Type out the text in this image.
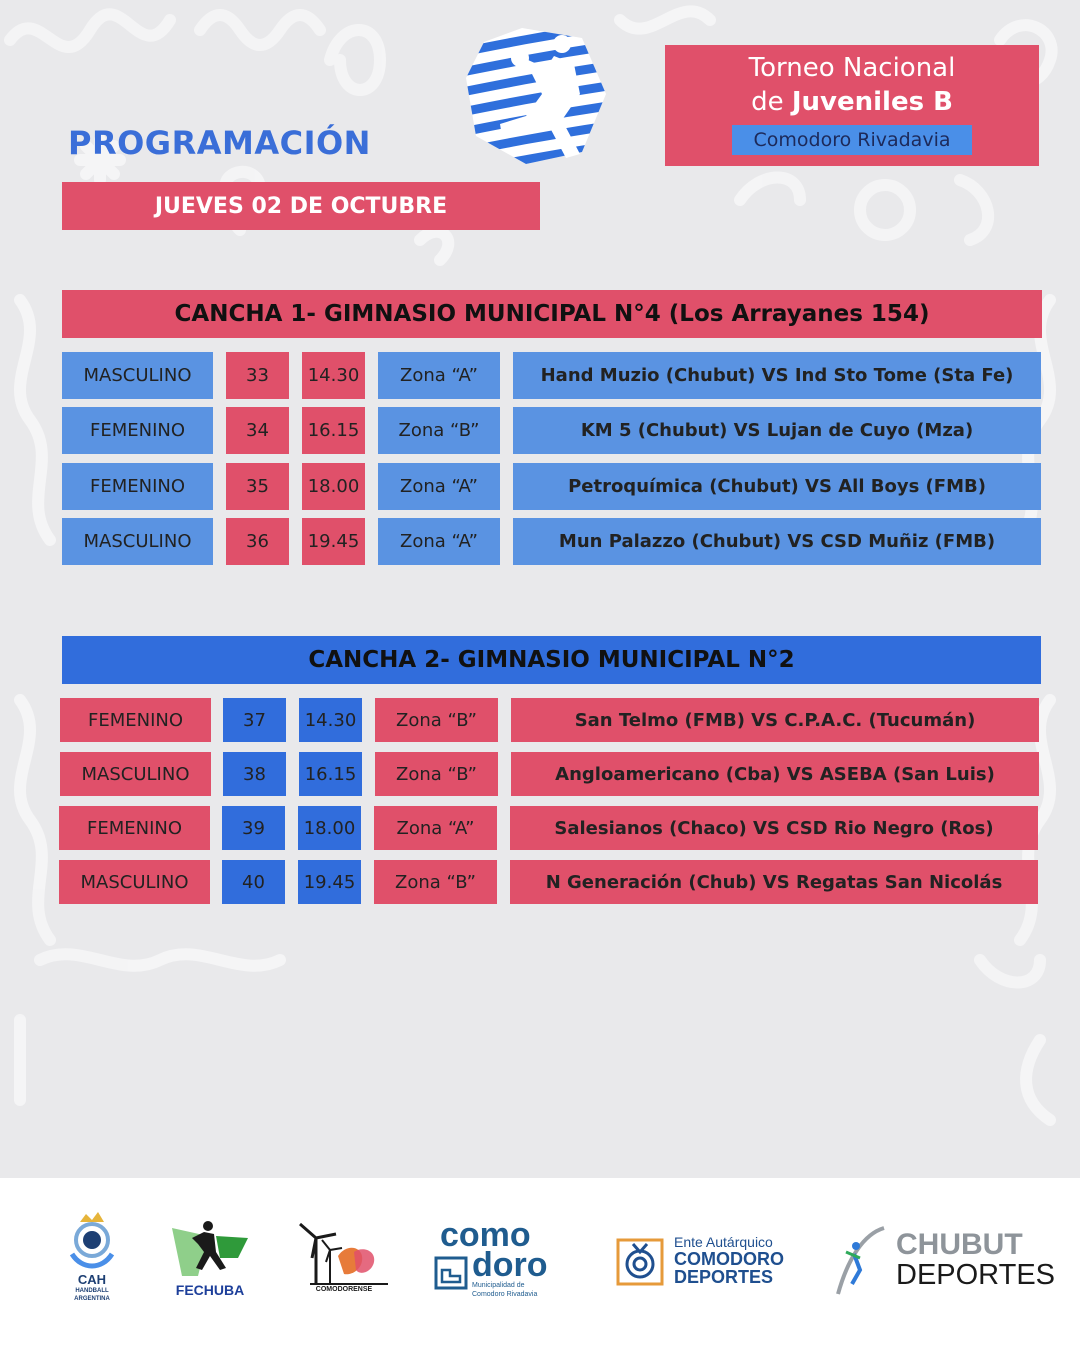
PROGRAMACIÓN
Torneo Nacional
de Juveniles B
Comodoro Rivadavia
JUEVES 02 DE OCTUBRE
CANCHA 1- GIMNASIO MUNICIPAL N°4 (Los Arrayanes 154)
MASCULINO	33	14.30	Zona “A”	Hand Muzio (Chubut) VS Ind Sto Tome (Sta Fe)
FEMENINO	34	16.15	Zona “B”	KM 5 (Chubut) VS Lujan de Cuyo (Mza)
FEMENINO	35	18.00	Zona “A”	Petroquímica (Chubut) VS All Boys (FMB)
MASCULINO	36	19.45	Zona “A”	Mun Palazzo (Chubut) VS CSD Muñiz (FMB)
CANCHA 2- GIMNASIO MUNICIPAL N°2
FEMENINO	37	14.30	Zona “B”	San Telmo (FMB) VS C.P.A.C. (Tucumán)
MASCULINO	38	16.15	Zona “B”	Angloamericano (Cba) VS ASEBA (San Luis)
FEMENINO	39	18.00	Zona “A”	Salesianos (Chaco) VS CSD Rio Negro (Ros)
MASCULINO	40	19.45	Zona “B”	N Generación (Chub) VS Regatas San Nicolás
CAH
HANDBALL
ARGENTINA
FECHUBA	COMODORENSE
como
doro
Municipalidad de
Comodoro Rivadavia
Ente Autárquico
COMODORO
DEPORTES
CHUBUT
DEPORTES
